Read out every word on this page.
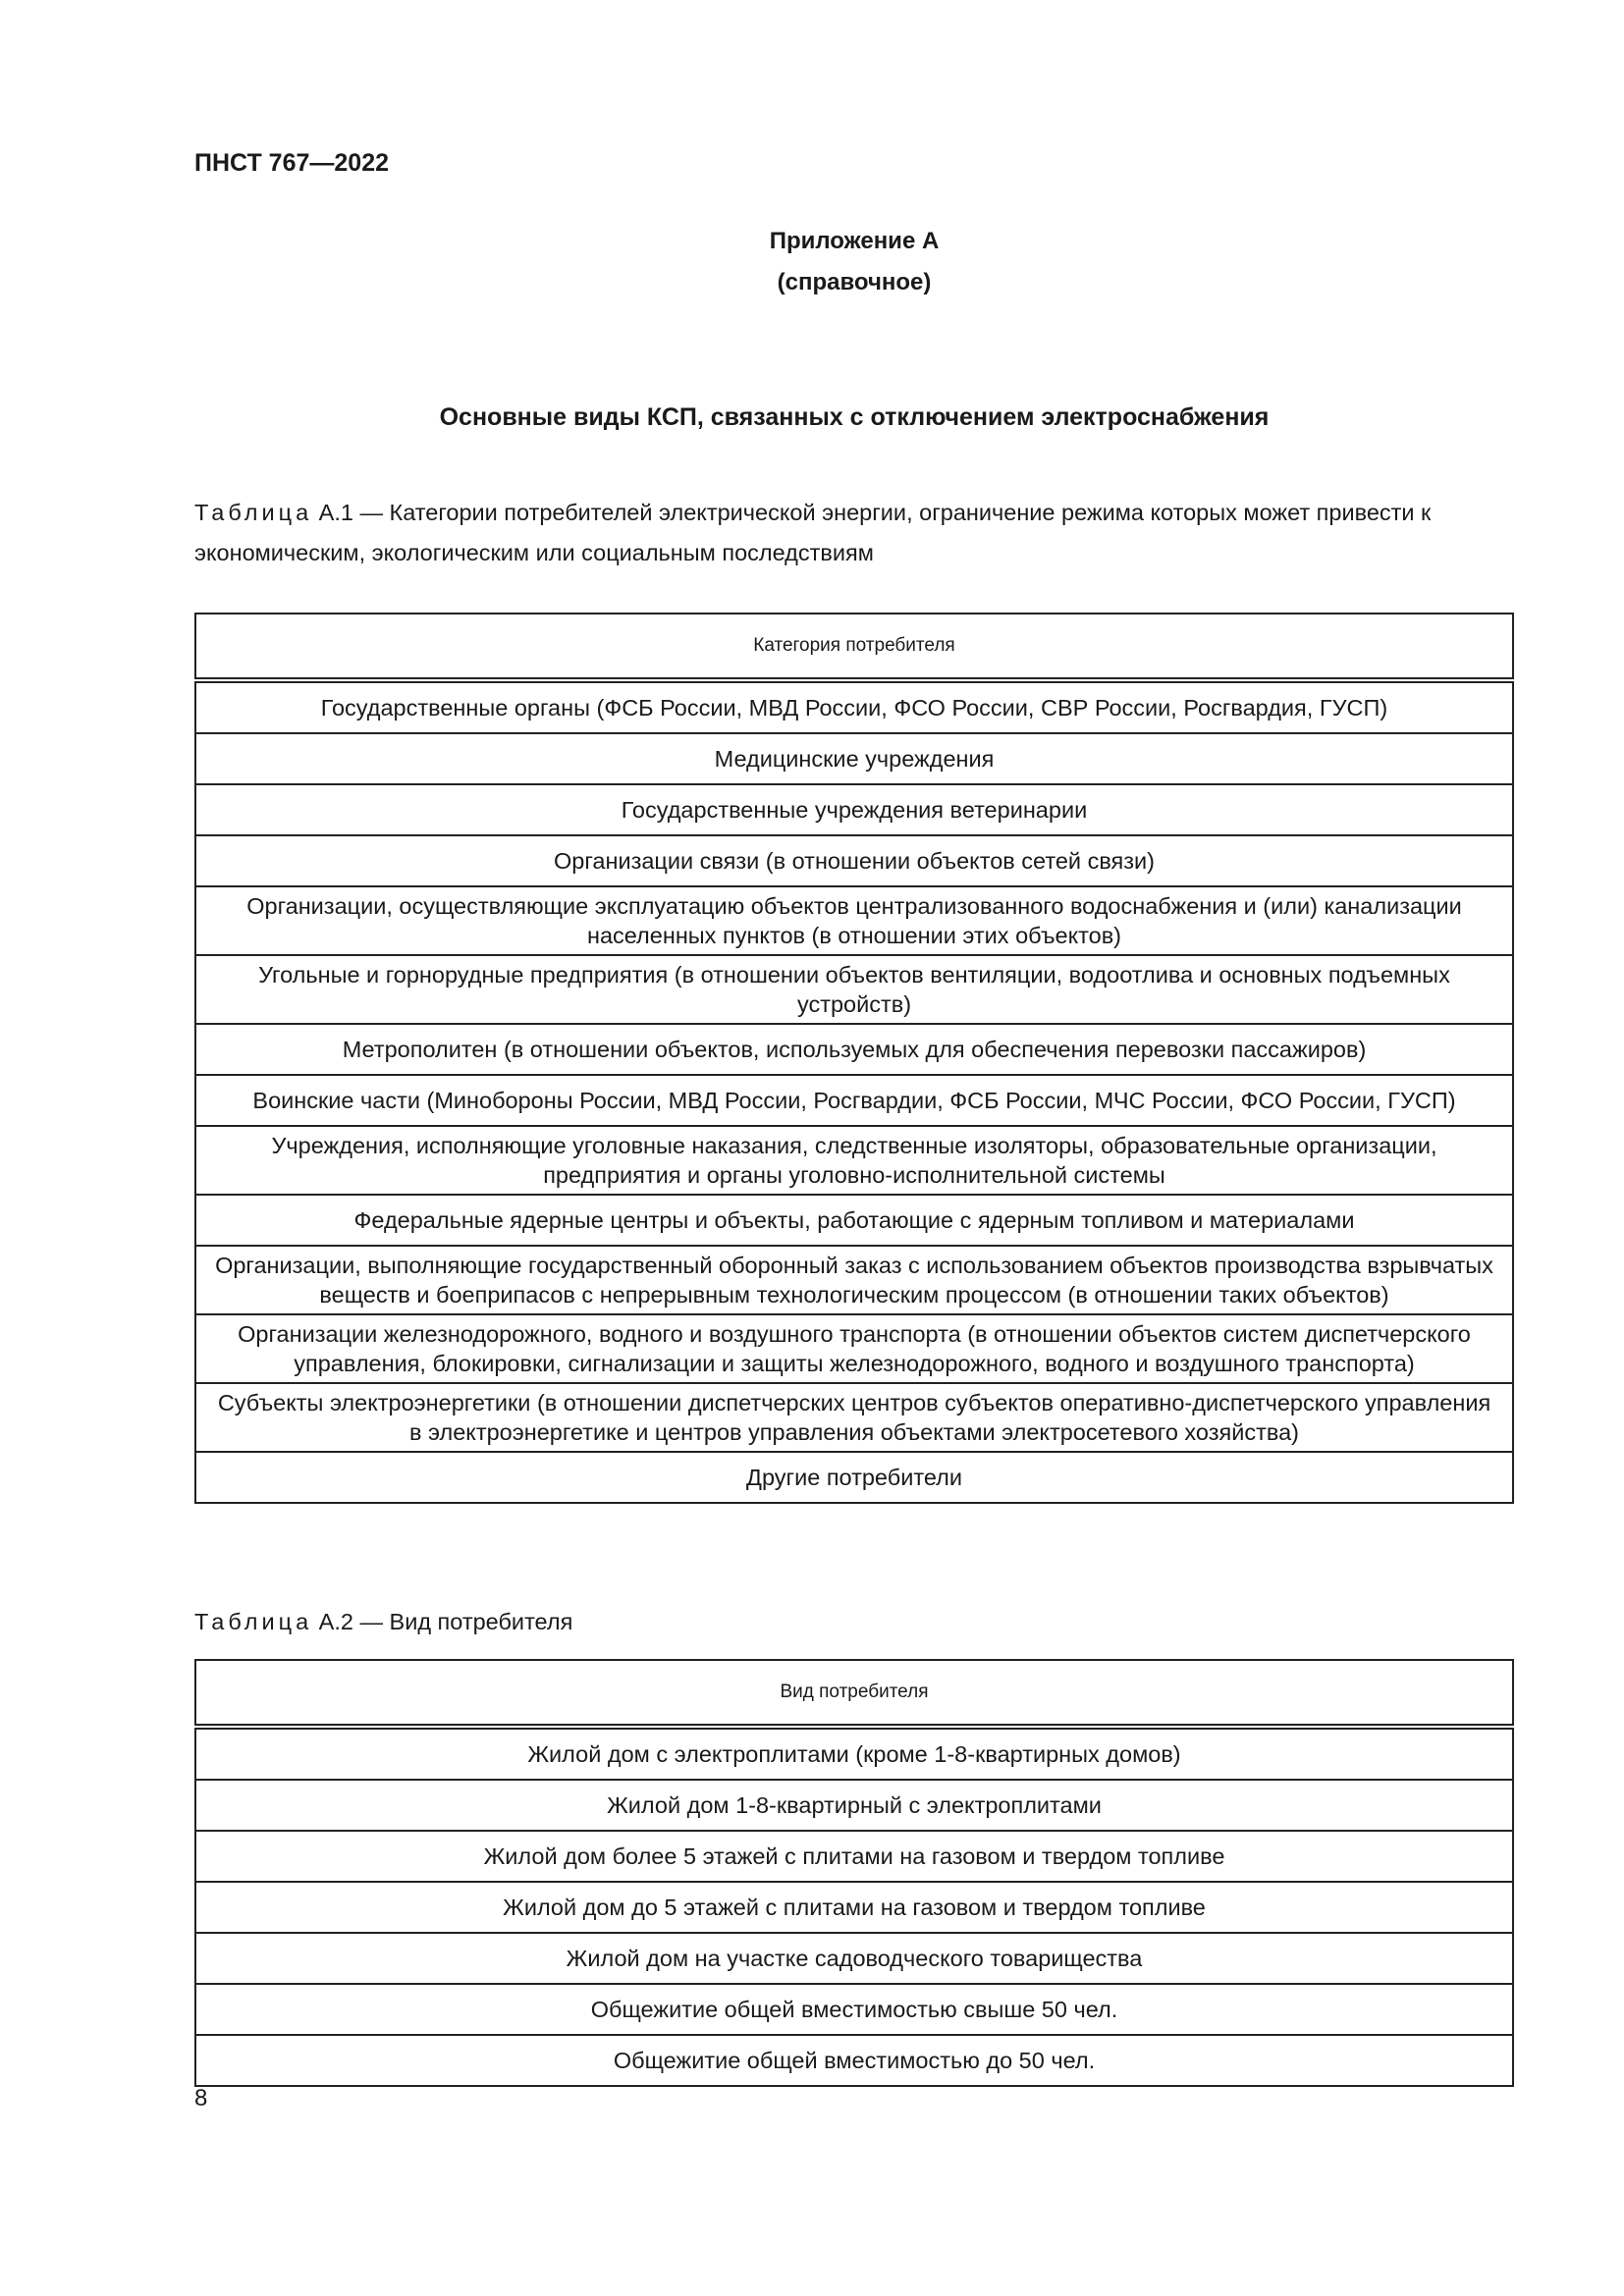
ПНСТ 767—2022
Приложение А
(справочное)
Основные виды КСП, связанных с отключением электроснабжения
Таблица А.1 — Категории потребителей электрической энергии, ограничение режима которых может привести к экономическим, экологическим или социальным последствиям
Категория потребителя
Государственные органы (ФСБ России, МВД России, ФСО России, СВР России, Росгвардия, ГУСП)
Медицинские учреждения
Государственные учреждения ветеринарии
Организации связи (в отношении объектов сетей связи)
Организации, осуществляющие эксплуатацию объектов централизованного водоснабжения и (или) канализации населенных пунктов (в отношении этих объектов)
Угольные и горнорудные предприятия (в отношении объектов вентиляции, водоотлива и основных подъемных устройств)
Метрополитен (в отношении объектов, используемых для обеспечения перевозки пассажиров)
Воинские части (Минобороны России, МВД России, Росгвардии, ФСБ России, МЧС России, ФСО России, ГУСП)
Учреждения, исполняющие уголовные наказания, следственные изоляторы, образовательные организации, предприятия и органы уголовно-исполнительной системы
Федеральные ядерные центры и объекты, работающие с ядерным топливом и материалами
Организации, выполняющие государственный оборонный заказ с использованием объектов производства взрывчатых веществ и боеприпасов с непрерывным технологическим процессом (в отношении таких объектов)
Организации железнодорожного, водного и воздушного транспорта (в отношении объектов систем диспетчерского управления, блокировки, сигнализации и защиты железнодорожного, водного и воздушного транспорта)
Субъекты электроэнергетики (в отношении диспетчерских центров субъектов оперативно-диспетчерского управления в электроэнергетике и центров управления объектами электросетевого хозяйства)
Другие потребители
Таблица А.2 — Вид потребителя
Вид потребителя
Жилой дом с электроплитами (кроме 1-8-квартирных домов)
Жилой дом 1-8-квартирный с электроплитами
Жилой дом более 5 этажей с плитами на газовом и твердом топливе
Жилой дом до 5 этажей с плитами на газовом и твердом топливе
Жилой дом на участке садоводческого товарищества
Общежитие общей вместимостью свыше 50 чел.
Общежитие общей вместимостью до 50 чел.
8
